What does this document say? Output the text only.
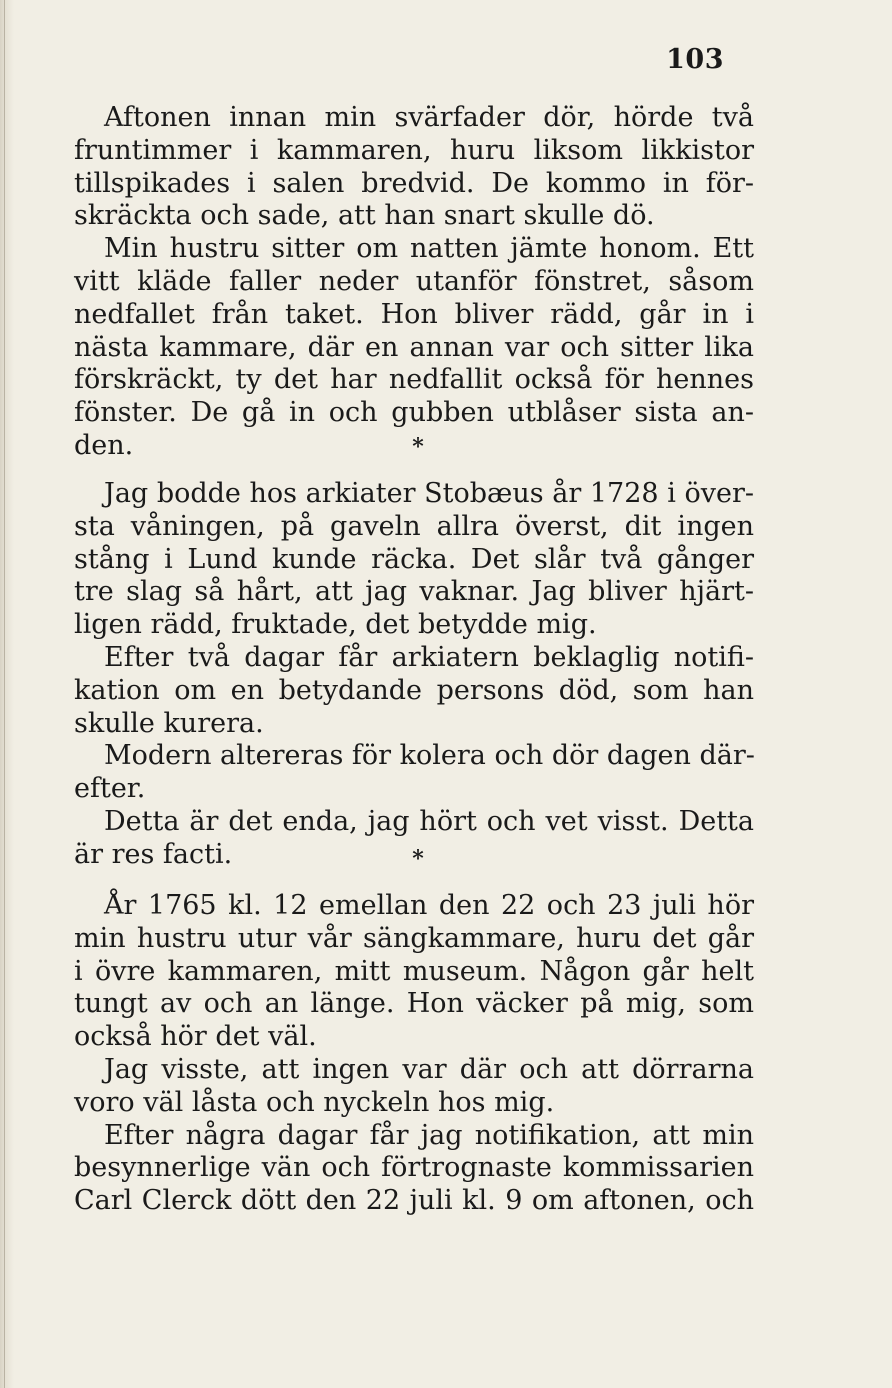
103
Aftonen innan min svärfader dör, hörde två
fruntimmer i kammaren, huru liksom likkistor
tillspikades i salen bredvid. De kommo in för-
skräckta och sade, att han snart skulle dö.
Min hustru sitter om natten jämte honom. Ett
vitt kläde faller neder utanför fönstret, såsom
nedfallet från taket. Hon bliver rädd, går in i
nästa kammare, där en annan var och sitter lika
förskräckt, ty det har nedfallit också för hennes
fönster. De gå in och gubben utblåser sista an-
den.	*
Jag bodde hos arkiater Stobæus år 1728 i över-
sta våningen, på gaveln allra överst, dit ingen
stång i Lund kunde räcka. Det slår två gånger
tre slag så hårt, att jag vaknar. Jag bliver hjärt-
ligen rädd, fruktade, det betydde mig.
Efter två dagar får arkiatern beklaglig notifi-
kation om en betydande persons död, som han
skulle kurera.
Modern altereras för kolera och dör dagen där-
efter.
Detta är det enda, jag hört och vet visst. Detta
är res facti.	*
År 1765 kl. 12 emellan den 22 och 23 juli hör
min hustru utur vår sängkammare, huru det går
i övre kammaren, mitt museum. Någon går helt
tungt av och an länge. Hon väcker på mig, som
också hör det väl.
Jag visste, att ingen var där och att dörrarna
voro väl låsta och nyckeln hos mig.
Efter några dagar får jag notifikation, att min
besynnerlige vän och förtrognaste kommissarien
Carl Clerck dött den 22 juli kl. 9 om aftonen, och
